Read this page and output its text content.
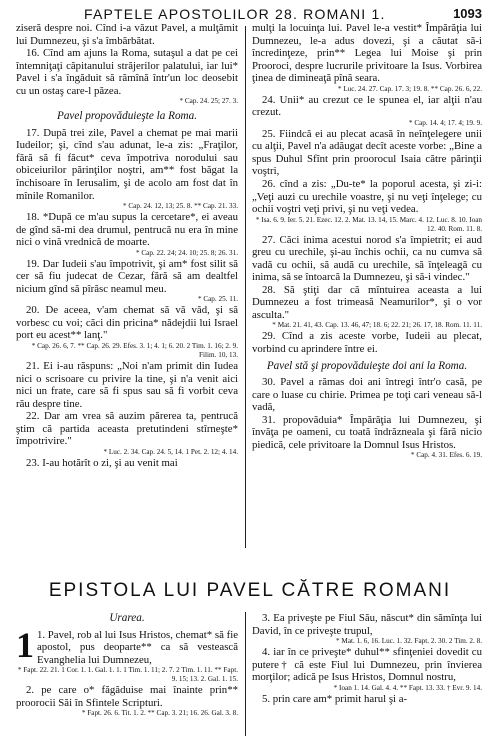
FAPTELE APOSTOLILOR 28. ROMANI 1.	1093

ziseră despre noi. Cînd i-a văzut Pavel, a mulţămit lui Dumnezeu, şi s'a îmbărbătat.

16. Cînd am ajuns la Roma, sutaşul a dat pe cei întemniţaţi căpitanului străjerilor palatului, iar lui* Pavel i s'a îngăduit să rămînă într'un loc deosebit cu un ostaş care-l păzea.

* Cap. 24. 25; 27. 3.
Pavel propovăduieşte la Roma.

17. După trei zile, Pavel a chemat pe mai marii Iudeilor; şi, cînd s'au adunat, le-a zis: „Fraţilor, fără să fi făcut* ceva împotriva norodului sau obiceiurilor părinţilor noştri, am** fost băgat la închisoare în Ierusalim, şi de acolo am fost dat în mînile Romanilor.

* Cap. 24. 12, 13; 25. 8. ** Cap. 21. 33.

18. *După ce m'au supus la cercetare*, ei aveau de gînd să-mi dea drumul, pentrucă nu era în mine nici o vină vrednică de moarte.

* Cap. 22. 24; 24. 10; 25. 8; 26. 31.

19. Dar Iudeii s'au împotrivit, şi am* fost silit să cer să fiu judecat de Cezar, fără să am dealtfel nicium gînd să pîrăsc neamul meu.

* Cap. 25. 11.

20. De aceea, v'am chemat să vă văd, şi să vorbesc cu voi; căci din pricina* nădejdii lui Israel port eu acest** lanţ."

* Cap. 26. 6, 7. ** Cap. 26. 29. Efes. 3. 1; 4. 1; 6. 20. 2 Tim. 1. 16; 2. 9. Filim. 10, 13.

21. Ei i-au răspuns: „Noi n'am primit din Iudea nici o scrisoare cu privire la tine, şi n'a venit aici nici un frate, care să fi spus sau să fi vorbit ceva rău despre tine.

22. Dar am vrea să auzim părerea ta, pentrucă ştim că partida aceasta pretutindeni stîrneşte* împotrivire."

* Luc. 2. 34. Cap. 24. 5, 14. 1 Pet. 2. 12; 4. 14.

23. I-au hotărît o zi, şi au venit mai

mulţi la locuinţa lui. Pavel le-a vestit* Împărăţia lui Dumnezeu, le-a adus dovezi, şi a căutat să-i încredinţeze, prin** Legea lui Moise şi prin Prooroci, despre lucrurile privitoare la Isus. Vorbirea ţinea de dimineaţă pînă seara.

* Luc. 24. 27. Cap. 17. 3; 19. 8. ** Cap. 26. 6, 22.

24. Unii* au crezut ce le spunea el, iar alţii n'au crezut.

* Cap. 14. 4; 17. 4; 19. 9.

25. Fiindcă ei au plecat acasă în neînţelegere unii cu alţii, Pavel n'a adăugat decît aceste vorbe: „Bine a spus Duhul Sfînt prin proorocul Isaia către părinţii voştri,

26. cînd a zis: „Du-te* la poporul acesta, şi zi-i: „Veţi auzi cu urechile voastre, şi nu veţi înţelege; cu ochii voştri veţi privi, şi nu veţi vedea.

* Isa. 6. 9. Ier. 5. 21. Ezec. 12. 2. Mat. 13. 14, 15. Marc. 4. 12. Luc. 8. 10. Ioan 12. 40. Rom. 11. 8.

27. Căci inima acestui norod s'a împietrit; ei aud greu cu urechile, şi-au închis ochii, ca nu cumva să vadă cu ochii, să audă cu urechile, să înţeleagă cu inima, să se întoarcă la Dumnezeu, şi să-i vindec."

28. Să ştiţi dar că mîntuirea aceasta a lui Dumnezeu a fost trimeasă Neamurilor*, şi o vor asculta."

* Mat. 21. 41, 43. Cap. 13. 46, 47; 18. 6; 22. 21; 26. 17, 18. Rom. 11. 11.

29. Cînd a zis aceste vorbe, Iudeii au plecat, vorbind cu aprindere între ei.

Pavel stă şi propovăduieşte doi ani la Roma.

30. Pavel a rămas doi ani întregi într'o casă, pe care o luase cu chirie. Primea pe toţi cari veneau să-l vadă,

31. propovăduia* Împărăţia lui Dumnezeu, şi învăţa pe oameni, cu toată îndrăzneala şi fără nicio piedică, cele privitoare la Domnul Isus Hristos.

* Cap. 4. 31. Efes. 6. 19.
EPISTOLA LUI PAVEL CĂTRE ROMANI
Urarea.

1 1. Pavel, rob al lui Isus Hristos, chemat* să fie apostol, pus deoparte** ca să vestească Evanghelia lui Dumnezeu,

* Fapt. 22. 21. 1 Cor. 1. 1. Gal. 1. 1. 1 Tim. 1. 11; 2. 7. 2 Tim. 1. 11. ** Fapt. 9. 15; 13. 2. Gal. 1. 15.

2. pe care o* făgăduise mai înainte prin** proorocii Săi în Sfintele Scripturi.

* Fapt. 26. 6. Tit. 1. 2. ** Cap. 3. 21; 16. 26. Gal. 3. 8.

3. Ea priveşte pe Fiul Său, născut* din sămînţa lui David, în ce priveşte trupul,

* Mat. 1. 6, 16. Luc. 1. 32. Fapt. 2. 30. 2 Tim. 2. 8.

4. iar în ce priveşte* duhul** sfinţeniei dovedit cu putere† că este Fiul lui Dumnezeu, prin învierea morţilor; adică pe Isus Hristos, Domnul nostru,

* Ioan 1. 14. Gal. 4. 4. ** Fapt. 13. 33. † Evr. 9. 14.

5. prin care am* primit harul şi a-
